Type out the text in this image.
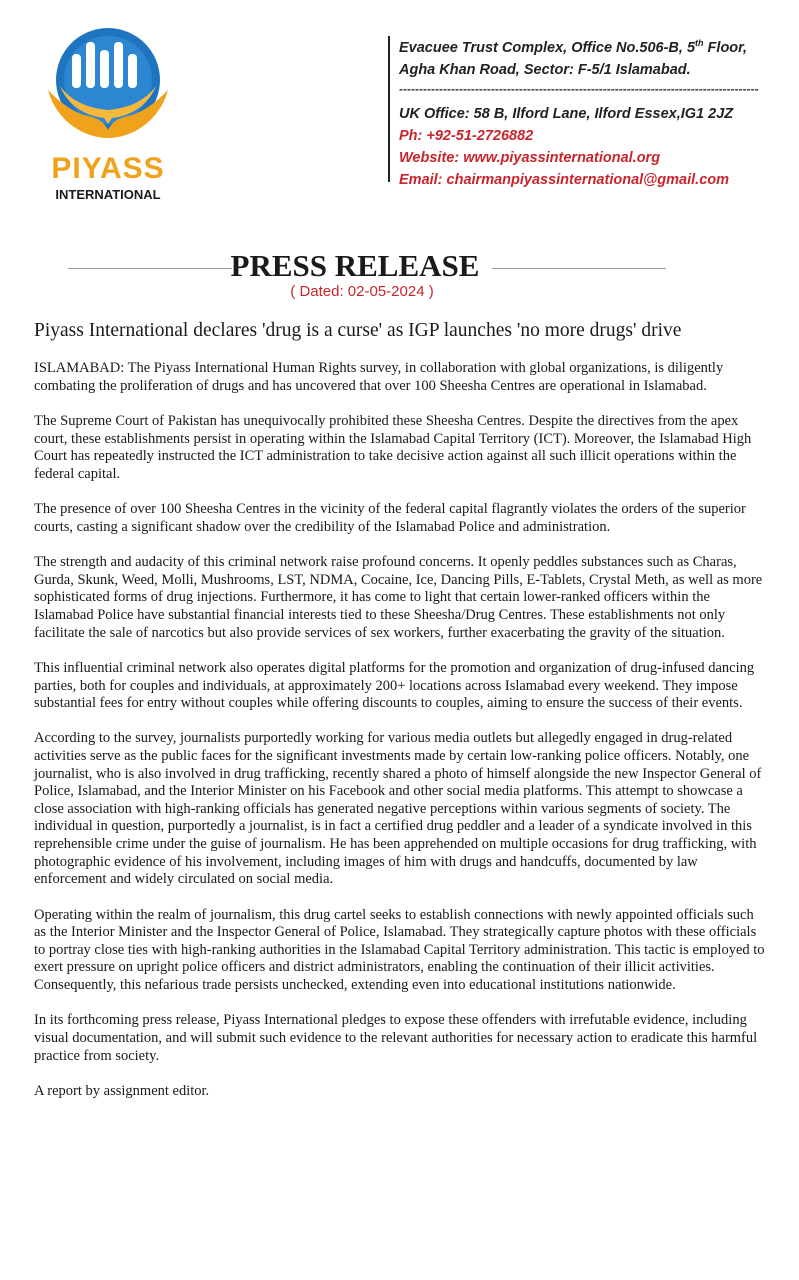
PIYASS
INTERNATIONAL
Evacuee Trust Complex, Office No.506-B, 5th Floor,
Agha Khan Road, Sector: F-5/1 Islamabad.
------------------------------------------------------------------------------------------
UK Office: 58 B, Ilford Lane, Ilford Essex,IG1 2JZ
Ph: +92-51-2726882
Website: www.piyassinternational.org
Email: chairmanpiyassinternational@gmail.com
PRESS RELEASE
( Dated: 02-05-2024 )
Piyass International declares 'drug is a curse' as IGP launches 'no more drugs' drive

ISLAMABAD: The Piyass International Human Rights survey, in collaboration with global organizations, is diligently combating the proliferation of drugs and has uncovered that over 100 Sheesha Centres are operational in Islamabad.

The Supreme Court of Pakistan has unequivocally prohibited these Sheesha Centres. Despite the directives from the apex court, these establishments persist in operating within the Islamabad Capital Territory (ICT). Moreover, the Islamabad High Court has repeatedly instructed the ICT administration to take decisive action against all such illicit operations within the federal capital.

The presence of over 100 Sheesha Centres in the vicinity of the federal capital flagrantly violates the orders of the superior courts, casting a significant shadow over the credibility of the Islamabad Police and administration.

The strength and audacity of this criminal network raise profound concerns. It openly peddles substances such as Charas, Gurda, Skunk, Weed, Molli, Mushrooms, LST, NDMA, Cocaine, Ice, Dancing Pills, E-Tablets, Crystal Meth, as well as more sophisticated forms of drug injections. Furthermore, it has come to light that certain lower-ranked officers within the Islamabad Police have substantial financial interests tied to these Sheesha/Drug Centres. These establishments not only facilitate the sale of narcotics but also provide services of sex workers, further exacerbating the gravity of the situation.

This influential criminal network also operates digital platforms for the promotion and organization of drug-infused dancing parties, both for couples and individuals, at approximately 200+ locations across Islamabad every weekend. They impose substantial fees for entry without couples while offering discounts to couples, aiming to ensure the success of their events.

According to the survey, journalists purportedly working for various media outlets but allegedly engaged in drug-related activities serve as the public faces for the significant investments made by certain low-ranking police officers. Notably, one journalist, who is also involved in drug trafficking, recently shared a photo of himself alongside the new Inspector General of Police, Islamabad, and the Interior Minister on his Facebook and other social media platforms. This attempt to showcase a close association with high-ranking officials has generated negative perceptions within various segments of society. The individual in question, purportedly a journalist, is in fact a certified drug peddler and a leader of a syndicate involved in this reprehensible crime under the guise of journalism. He has been apprehended on multiple occasions for drug trafficking, with photographic evidence of his involvement, including images of him with drugs and handcuffs, documented by law enforcement and widely circulated on social media.

Operating within the realm of journalism, this drug cartel seeks to establish connections with newly appointed officials such as the Interior Minister and the Inspector General of Police, Islamabad. They strategically capture photos with these officials to portray close ties with high-ranking authorities in the Islamabad Capital Territory administration. This tactic is employed to exert pressure on upright police officers and district administrators, enabling the continuation of their illicit activities. Consequently, this nefarious trade persists unchecked, extending even into educational institutions nationwide.

In its forthcoming press release, Piyass International pledges to expose these offenders with irrefutable evidence, including visual documentation, and will submit such evidence to the relevant authorities for necessary action to eradicate this harmful practice from society.

A report by assignment editor.
